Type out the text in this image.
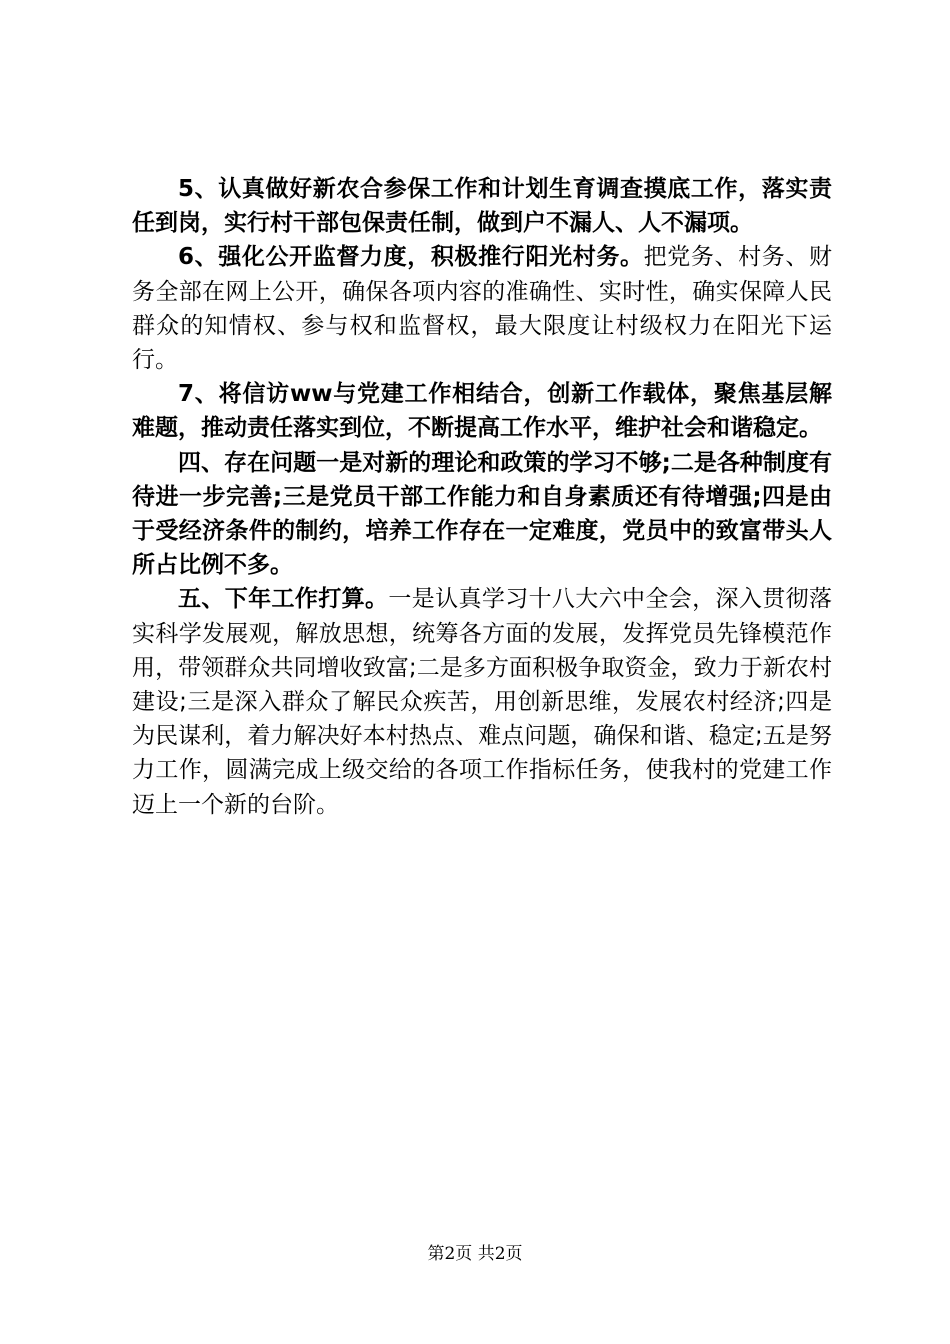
5、认真做好新农合参保工作和计划生育调查摸底工作，落实责任到岗，实行村干部包保责任制，做到户不漏人、人不漏项。

6、强化公开监督力度，积极推行阳光村务。把党务、村务、财务全部在网上公开，确保各项内容的准确性、实时性，确实保障人民群众的知情权、参与权和监督权，最大限度让村级权力在阳光下运行。

7、将信访ww与党建工作相结合，创新工作载体，聚焦基层解难题，推动责任落实到位，不断提高工作水平，维护社会和谐稳定。

四、存在问题一是对新的理论和政策的学习不够;二是各种制度有待进一步完善;三是党员干部工作能力和自身素质还有待增强;四是由于受经济条件的制约，培养工作存在一定难度，党员中的致富带头人所占比例不多。

五、下年工作打算。一是认真学习十八大六中全会，深入贯彻落实科学发展观，解放思想，统筹各方面的发展，发挥党员先锋模范作用，带领群众共同增收致富;二是多方面积极争取资金，致力于新农村建设;三是深入群众了解民众疾苦，用创新思维，发展农村经济;四是为民谋利，着力解决好本村热点、难点问题，确保和谐、稳定;五是努力工作，圆满完成上级交给的各项工作指标任务，使我村的党建工作迈上一个新的台阶。

第2页 共2页
